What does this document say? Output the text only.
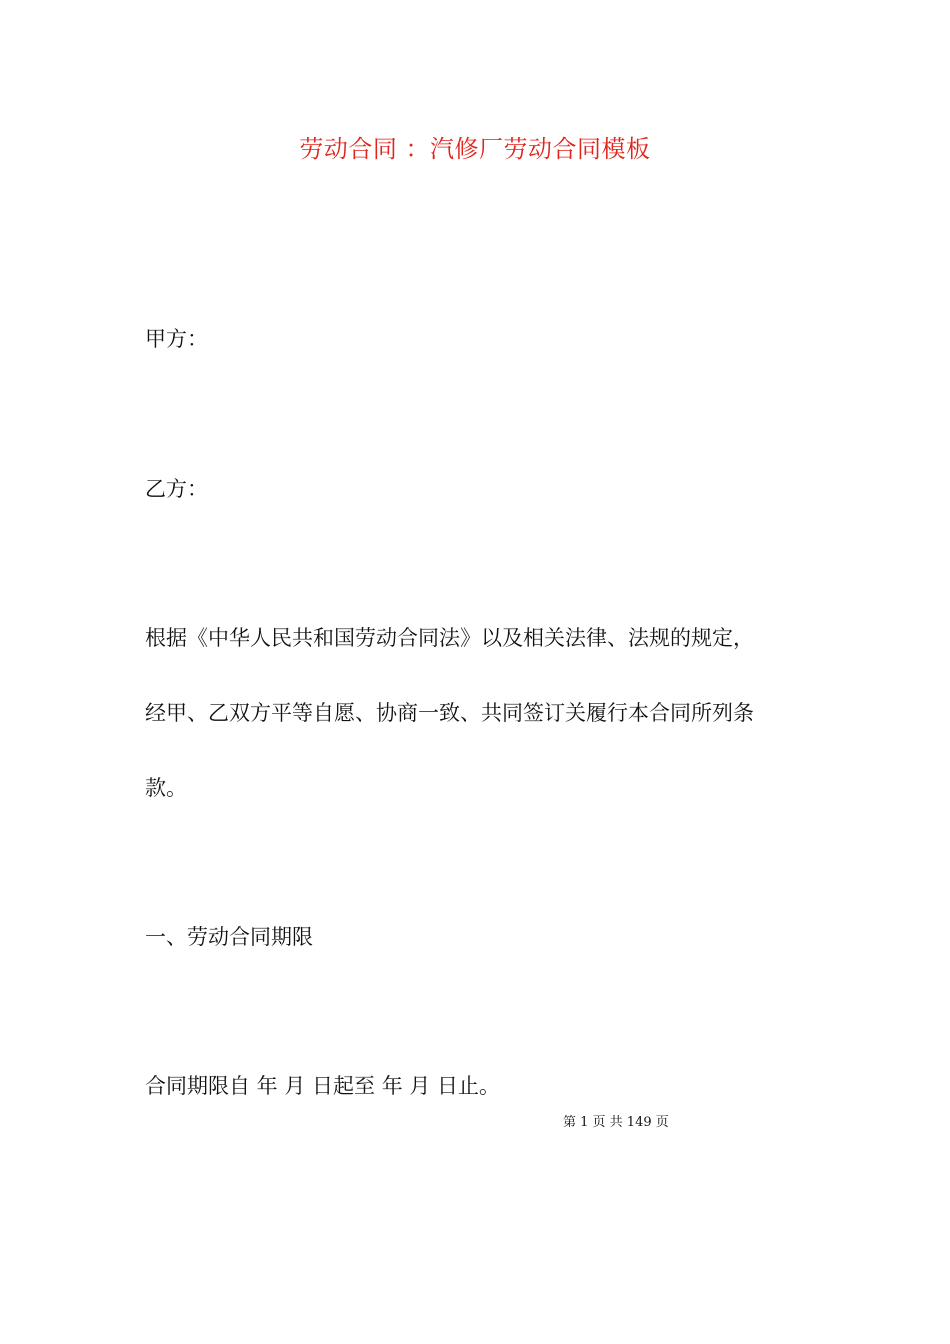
劳动合同 ：汽修厂劳动合同模板
甲方：
乙方：
根据《中华人民共和国劳动合同法》以及相关法律、法规的规定，
经甲、乙双方平等自愿、协商一致、共同签订关履行本合同所列条
款。
一、劳动合同期限
合同期限自 年 月 日起至 年 月 日止。
第 1 页 共 149 页
